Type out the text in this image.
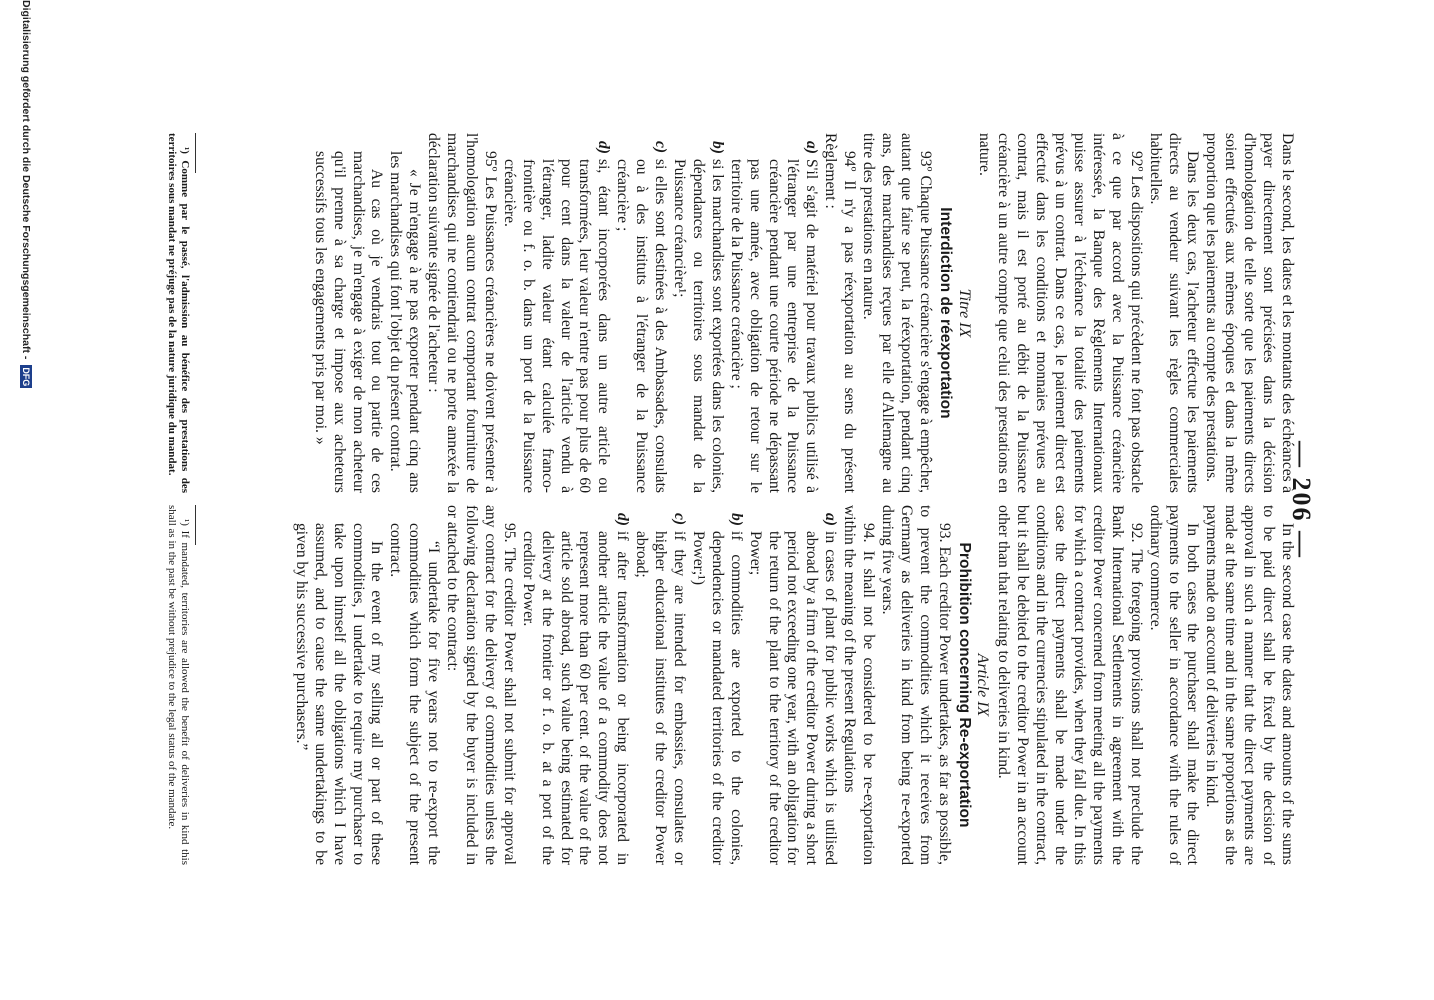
— 206 —

Dans le second, les dates et les montants des échéances à payer directement sont précisées dans la décision d'homologation de telle sorte que les paiements directs soient effectués aux mêmes époques et dans la même proportion que les paiements au compte des prestations.

Dans les deux cas, l'acheteur effectue les paiements directs au vendeur suivant les règles commerciales habituelles.

92º Les dispositions qui précèdent ne font pas obstacle à ce que par accord avec la Puissance créancière intéressée, la Banque des Règlements Internationaux puisse assurer à l'échéance la totalité des paiements prévus à un contrat. Dans ce cas, le paiement direct est effectué dans les conditions et monnaies prévues au contrat, mais il est porté au débit de la Puissance créancière à un autre compte que celui des prestations en nature.

Titre IX

Interdiction de réexportation

93º Chaque Puissance créancière s'engage à empêcher, autant que faire se peut, la réexportation, pendant cinq ans, des marchandises reçues par elle d'Allemagne au titre des prestations en nature.

94º Il n'y a pas réexportation au sens du présent Règlement :

a)

S'il s'agit de matériel pour travaux publics utilisé à l'étranger par une entreprise de la Puissance créancière pendant une courte période ne dépassant pas une année, avec obligation de retour sur le territoire de la Puissance créancière ;

b)

si les marchandises sont exportées dans les colonies, dépendances ou territoires sous mandat de la Puissance créancière¹;

c)

si elles sont destinées à des Ambassades, consulats ou à des instituts à l'étranger de la Puissance créancière ;

d)

si, étant incorporées dans un autre article ou transformées, leur valeur n'entre pas pour plus de 60 pour cent dans la valeur de l'article vendu à l'étranger, ladite valeur étant calculée franco-frontière ou f. o. b. dans un port de la Puissance créancière.

95º Les Puissances créancières ne doivent présenter à l'homologation aucun contrat comportant fourniture de marchandises qui ne contiendrait ou ne porte annexée la déclaration suivante signée de l'acheteur :

« Je m'engage à ne pas exporter pendant cinq ans les marchandises qui font l'objet du présent contrat.

Au cas où je vendrais tout ou partie de ces marchandises, je m'engage à exiger de mon acheteur qu'il prenne à sa charge et impose aux acheteurs successifs tous les engagements pris par moi. »

In the second case the dates and amounts of the sums to be paid direct shall be fixed by the decision of approval in such a manner that the direct payments are made at the same time and in the same proportions as the payments made on account of deliveries in kind.

In both cases the purchaser shall make the direct payments to the seller in accordance with the rules of ordinary commerce.

92. The foregoing provisions shall not preclude the Bank International Settlements in agreement with the creditor Power concerned from meeting all the payments for which a contract provides, when they fall due. In this case the direct payments shall be made under the conditions and in the currencies stipulated in the contract, but it shall be debited to the creditor Power in an account other than that relating to deliveries in kind.

Article IX

Prohibition concerning Re-exportation

93. Each creditor Power undertakes, as far as possible, to prevent the commodities which it receives from Germany as deliveries in kind from being re-exported during five years.

94. It shall not be considered to be re-exportation within the meaning of the present Regulations

a)

in cases of plant for public works which is utilised abroad by a firm of the creditor Power during a short period not exceeding one year, with an obligation for the return of the plant to the territory of the creditor Power;

b)

if commodities are exported to the colonies, dependencies or mandated territories of the creditor Power;¹)

c)

if they are intended for embassies, consulates or higher educational institutes of the creditor Power abroad;

d)

if after transformation or being incorporated in another article the value of a commodity does not represent more than 60 per cent. of the value of the article sold abroad, such value being estimated for delivery at the frontier or f. o. b. at a port of the creditor Power.

95. The creditor Power shall not submit for approval any contract for the delivery of commodities unless the following declaration signed by the buyer is included in or attached to the contract:

“I undertake for five years not to re-export the commodities which form the subject of the present contract.

In the event of my selling all or part of these commodities, I undertake to require my purchaser to take upon himself all the obligations which I have assumed, and to cause the same undertakings to be given by his successive purchasers.”

¹) Comme par le passé, l'admission au bénéfice des prestations des territoires sous mandat ne préjuge pas de la nature juridique du mandat.

¹) If mandated, territories are allowed the benefit of deliveries in kind this shall as in the past be without prejudice to the legal status of the mandate.

Digitalisierung gefördert durch die Deutsche Forschungsgemeinschaft - DFG
